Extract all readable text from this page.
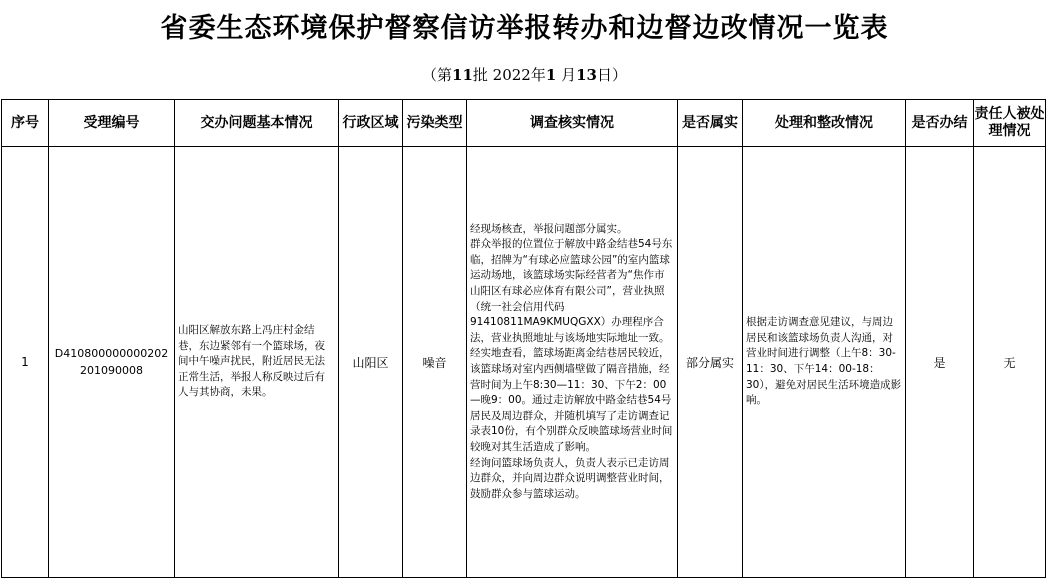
省委生态环境保护督察信访举报转办和边督边改情况一览表
（第11批 2022年1 月13日）
序号	受理编号	交办问题基本情况	行政区域	污染类型	调查核实情况	是否属实	处理和整改情况	是否办结	责任人被处理情况
1	D410800000000202201090008	山阳区解放东路上冯庄村金结巷，东边紧邻有一个篮球场，夜间中午噪声扰民，附近居民无法正常生活，举报人称反映过后有人与其协商，未果。	山阳区	噪音	经现场核查，举报问题部分属实。
群众举报的位置位于解放中路金结巷54号东临，招牌为“有球必应篮球公园”的室内篮球运动场地，该篮球场实际经营者为“焦作市山阳区有球必应体育有限公司”，营业执照（统一社会信用代码91410811MA9KMUQGXX）办理程序合法，营业执照地址与该场地实际地址一致。
经实地查看，篮球场距离金结巷居民较近，该篮球场对室内西侧墙壁做了隔音措施，经营时间为上午8:30—11：30、下午2：00—晚9：00。通过走访解放中路金结巷54号居民及周边群众，并随机填写了走访调查记录表10份，有个别群众反映篮球场营业时间较晚对其生活造成了影响。
经询问篮球场负责人，负责人表示已走访周边群众，并向周边群众说明调整营业时间，鼓励群众参与篮球运动。	部分属实	根据走访调查意见建议，与周边居民和该篮球场负责人沟通，对营业时间进行调整（上午8：30-11：30、下午14：00-18：30），避免对居民生活环境造成影响。	是	无
